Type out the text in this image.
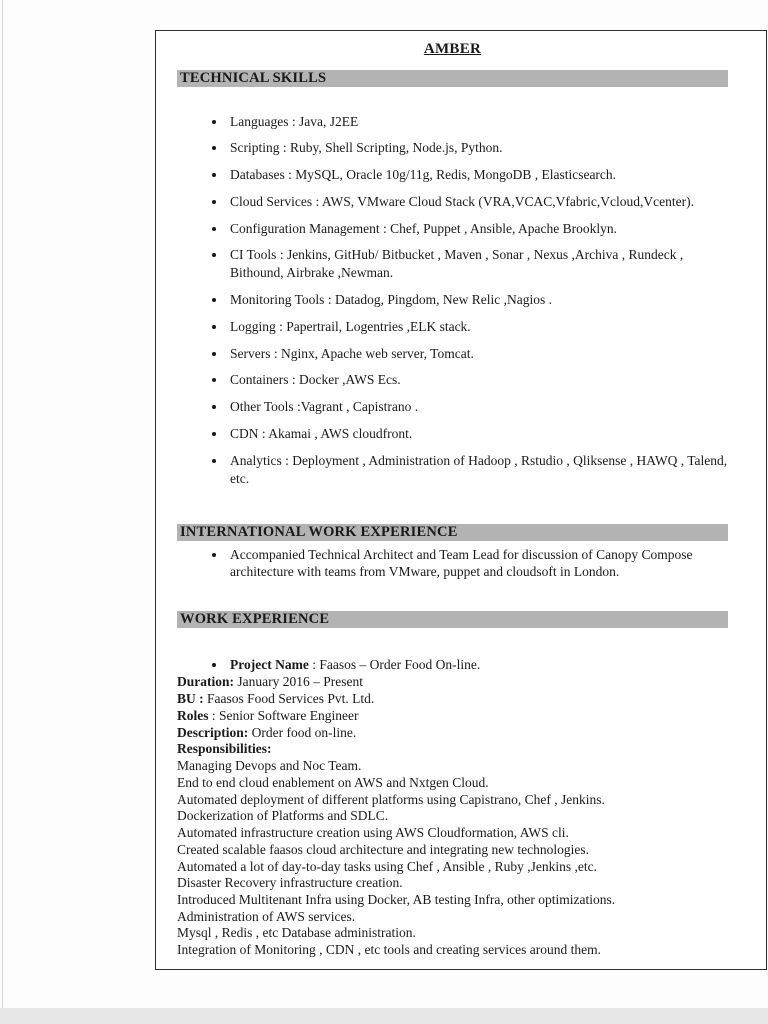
AMBER
TECHNICAL SKILLS
• Languages : Java, J2EE
• Scripting : Ruby, Shell Scripting, Node.js, Python.
• Databases : MySQL, Oracle 10g/11g, Redis, MongoDB , Elasticsearch.
• Cloud Services : AWS, VMware Cloud Stack (VRA,VCAC,Vfabric,Vcloud,Vcenter).
• Configuration Management : Chef, Puppet , Ansible, Apache Brooklyn.
• CI Tools : Jenkins, GitHub/ Bitbucket , Maven , Sonar , Nexus ,Archiva , Rundeck , Bithound, Airbrake ,Newman.
• Monitoring Tools : Datadog, Pingdom, New Relic ,Nagios .
• Logging : Papertrail, Logentries ,ELK stack.
• Servers : Nginx, Apache web server, Tomcat.
• Containers : Docker ,AWS Ecs.
• Other Tools :Vagrant , Capistrano .
• CDN : Akamai , AWS cloudfront.
• Analytics : Deployment , Administration of Hadoop , Rstudio , Qliksense , HAWQ , Talend, etc.
INTERNATIONAL WORK EXPERIENCE
• Accompanied Technical Architect and Team Lead for discussion of Canopy Compose architecture with teams from VMware, puppet and cloudsoft in London.
WORK EXPERIENCE
• Project Name : Faasos – Order Food On-line.

Duration: January 2016 – Present

BU : Faasos Food Services Pvt. Ltd.

Roles : Senior Software Engineer

Description: Order food on-line.

Responsibilities:

Managing Devops and Noc Team.

End to end cloud enablement on AWS and Nxtgen Cloud.

Automated deployment of different platforms using Capistrano, Chef , Jenkins.

Dockerization of Platforms and SDLC.

Automated infrastructure creation using AWS Cloudformation, AWS cli.

Created scalable faasos cloud architecture and integrating new technologies.

Automated a lot of day-to-day tasks using Chef , Ansible , Ruby ,Jenkins ,etc.

Disaster Recovery infrastructure creation.

Introduced Multitenant Infra using Docker, AB testing Infra, other optimizations.

Administration of AWS services.

Mysql , Redis , etc Database administration.

Integration of Monitoring , CDN , etc tools and creating services around them.
